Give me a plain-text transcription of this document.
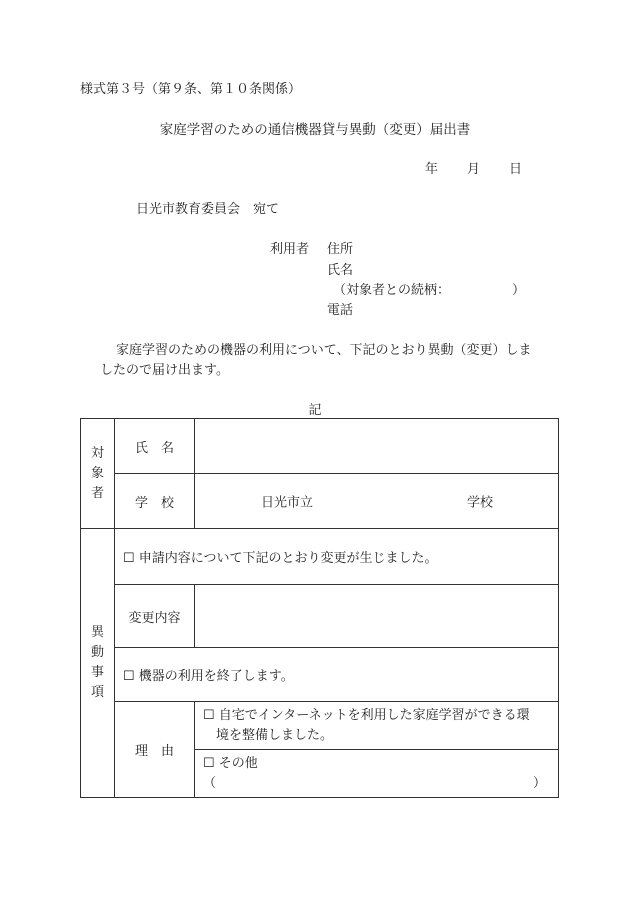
様式第３号（第９条、第１０条関係）
家庭学習のための通信機器貸与異動（変更）届出書
年 月 日
日光市教育委員会　宛て
利用者 住所
氏名
（対象者との続柄：	）
電話
家庭学習のための機器の利用について、下記のとおり異動（変更）しま
したので届け出ます。
記
対
象
者	氏　名	
	学　校	日光市立 学校

異
動
事
項	☐ 申請内容について下記のとおり変更が生じました。	
	変更内容	
	☐ 機器の利用を終了します。	
	理　由	☐ 自宅でインターネットを利用した家庭学習ができる環
境を整備しました。

		☐ その他
（ ）
